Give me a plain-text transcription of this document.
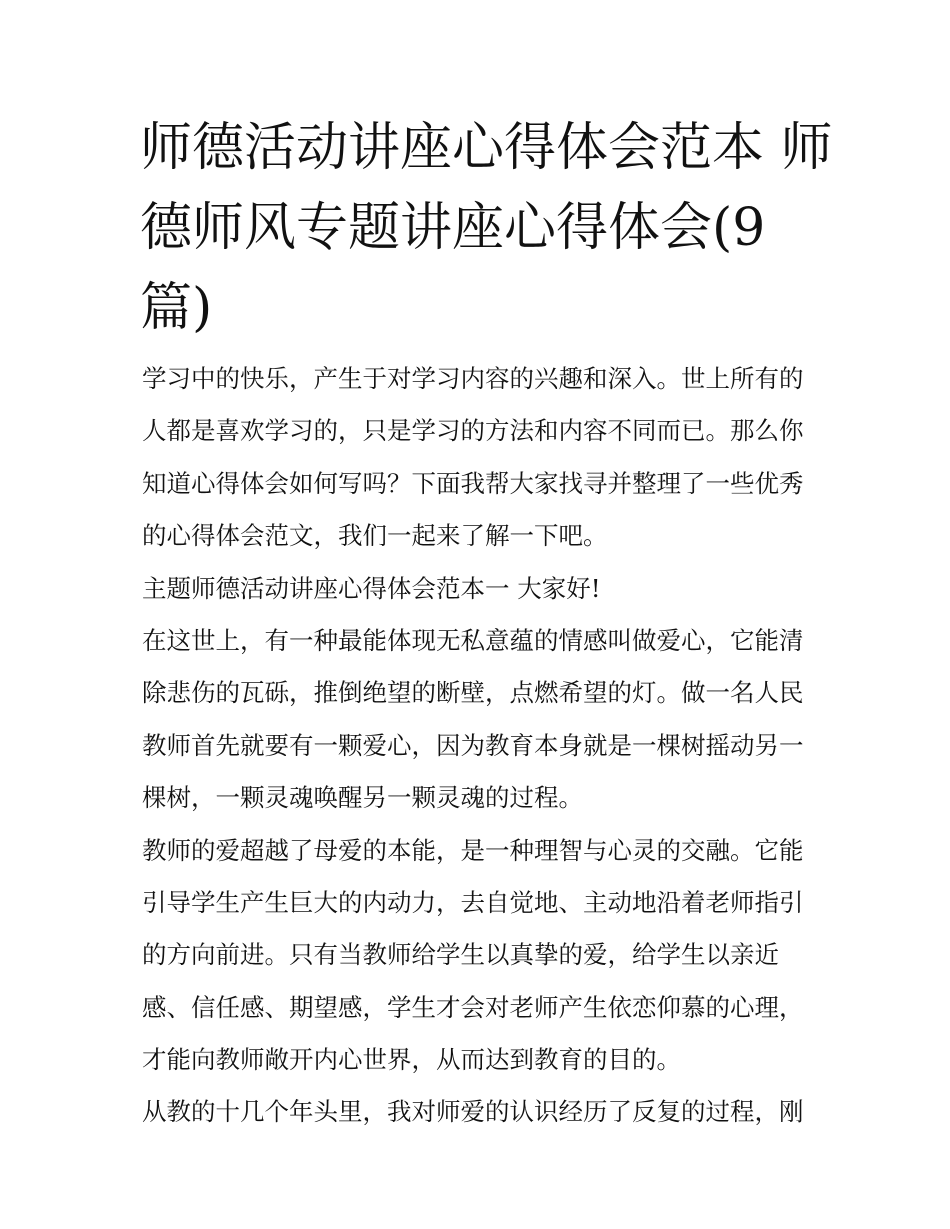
师德活动讲座心得体会范本 师
德师风专题讲座心得体会(9
篇)
学习中的快乐，产生于对学习内容的兴趣和深入。世上所有的
人都是喜欢学习的，只是学习的方法和内容不同而已。那么你
知道心得体会如何写吗？下面我帮大家找寻并整理了一些优秀
的心得体会范文，我们一起来了解一下吧。
主题师德活动讲座心得体会范本一 大家好!
在这世上，有一种最能体现无私意蕴的情感叫做爱心，它能清
除悲伤的瓦砾，推倒绝望的断壁，点燃希望的灯。做一名人民
教师首先就要有一颗爱心，因为教育本身就是一棵树摇动另一
棵树，一颗灵魂唤醒另一颗灵魂的过程。
教师的爱超越了母爱的本能，是一种理智与心灵的交融。它能
引导学生产生巨大的内动力，去自觉地、主动地沿着老师指引
的方向前进。只有当教师给学生以真挚的爱，给学生以亲近
感、信任感、期望感，学生才会对老师产生依恋仰慕的心理，
才能向教师敞开内心世界，从而达到教育的目的。
从教的十几个年头里，我对师爱的认识经历了反复的过程，刚
